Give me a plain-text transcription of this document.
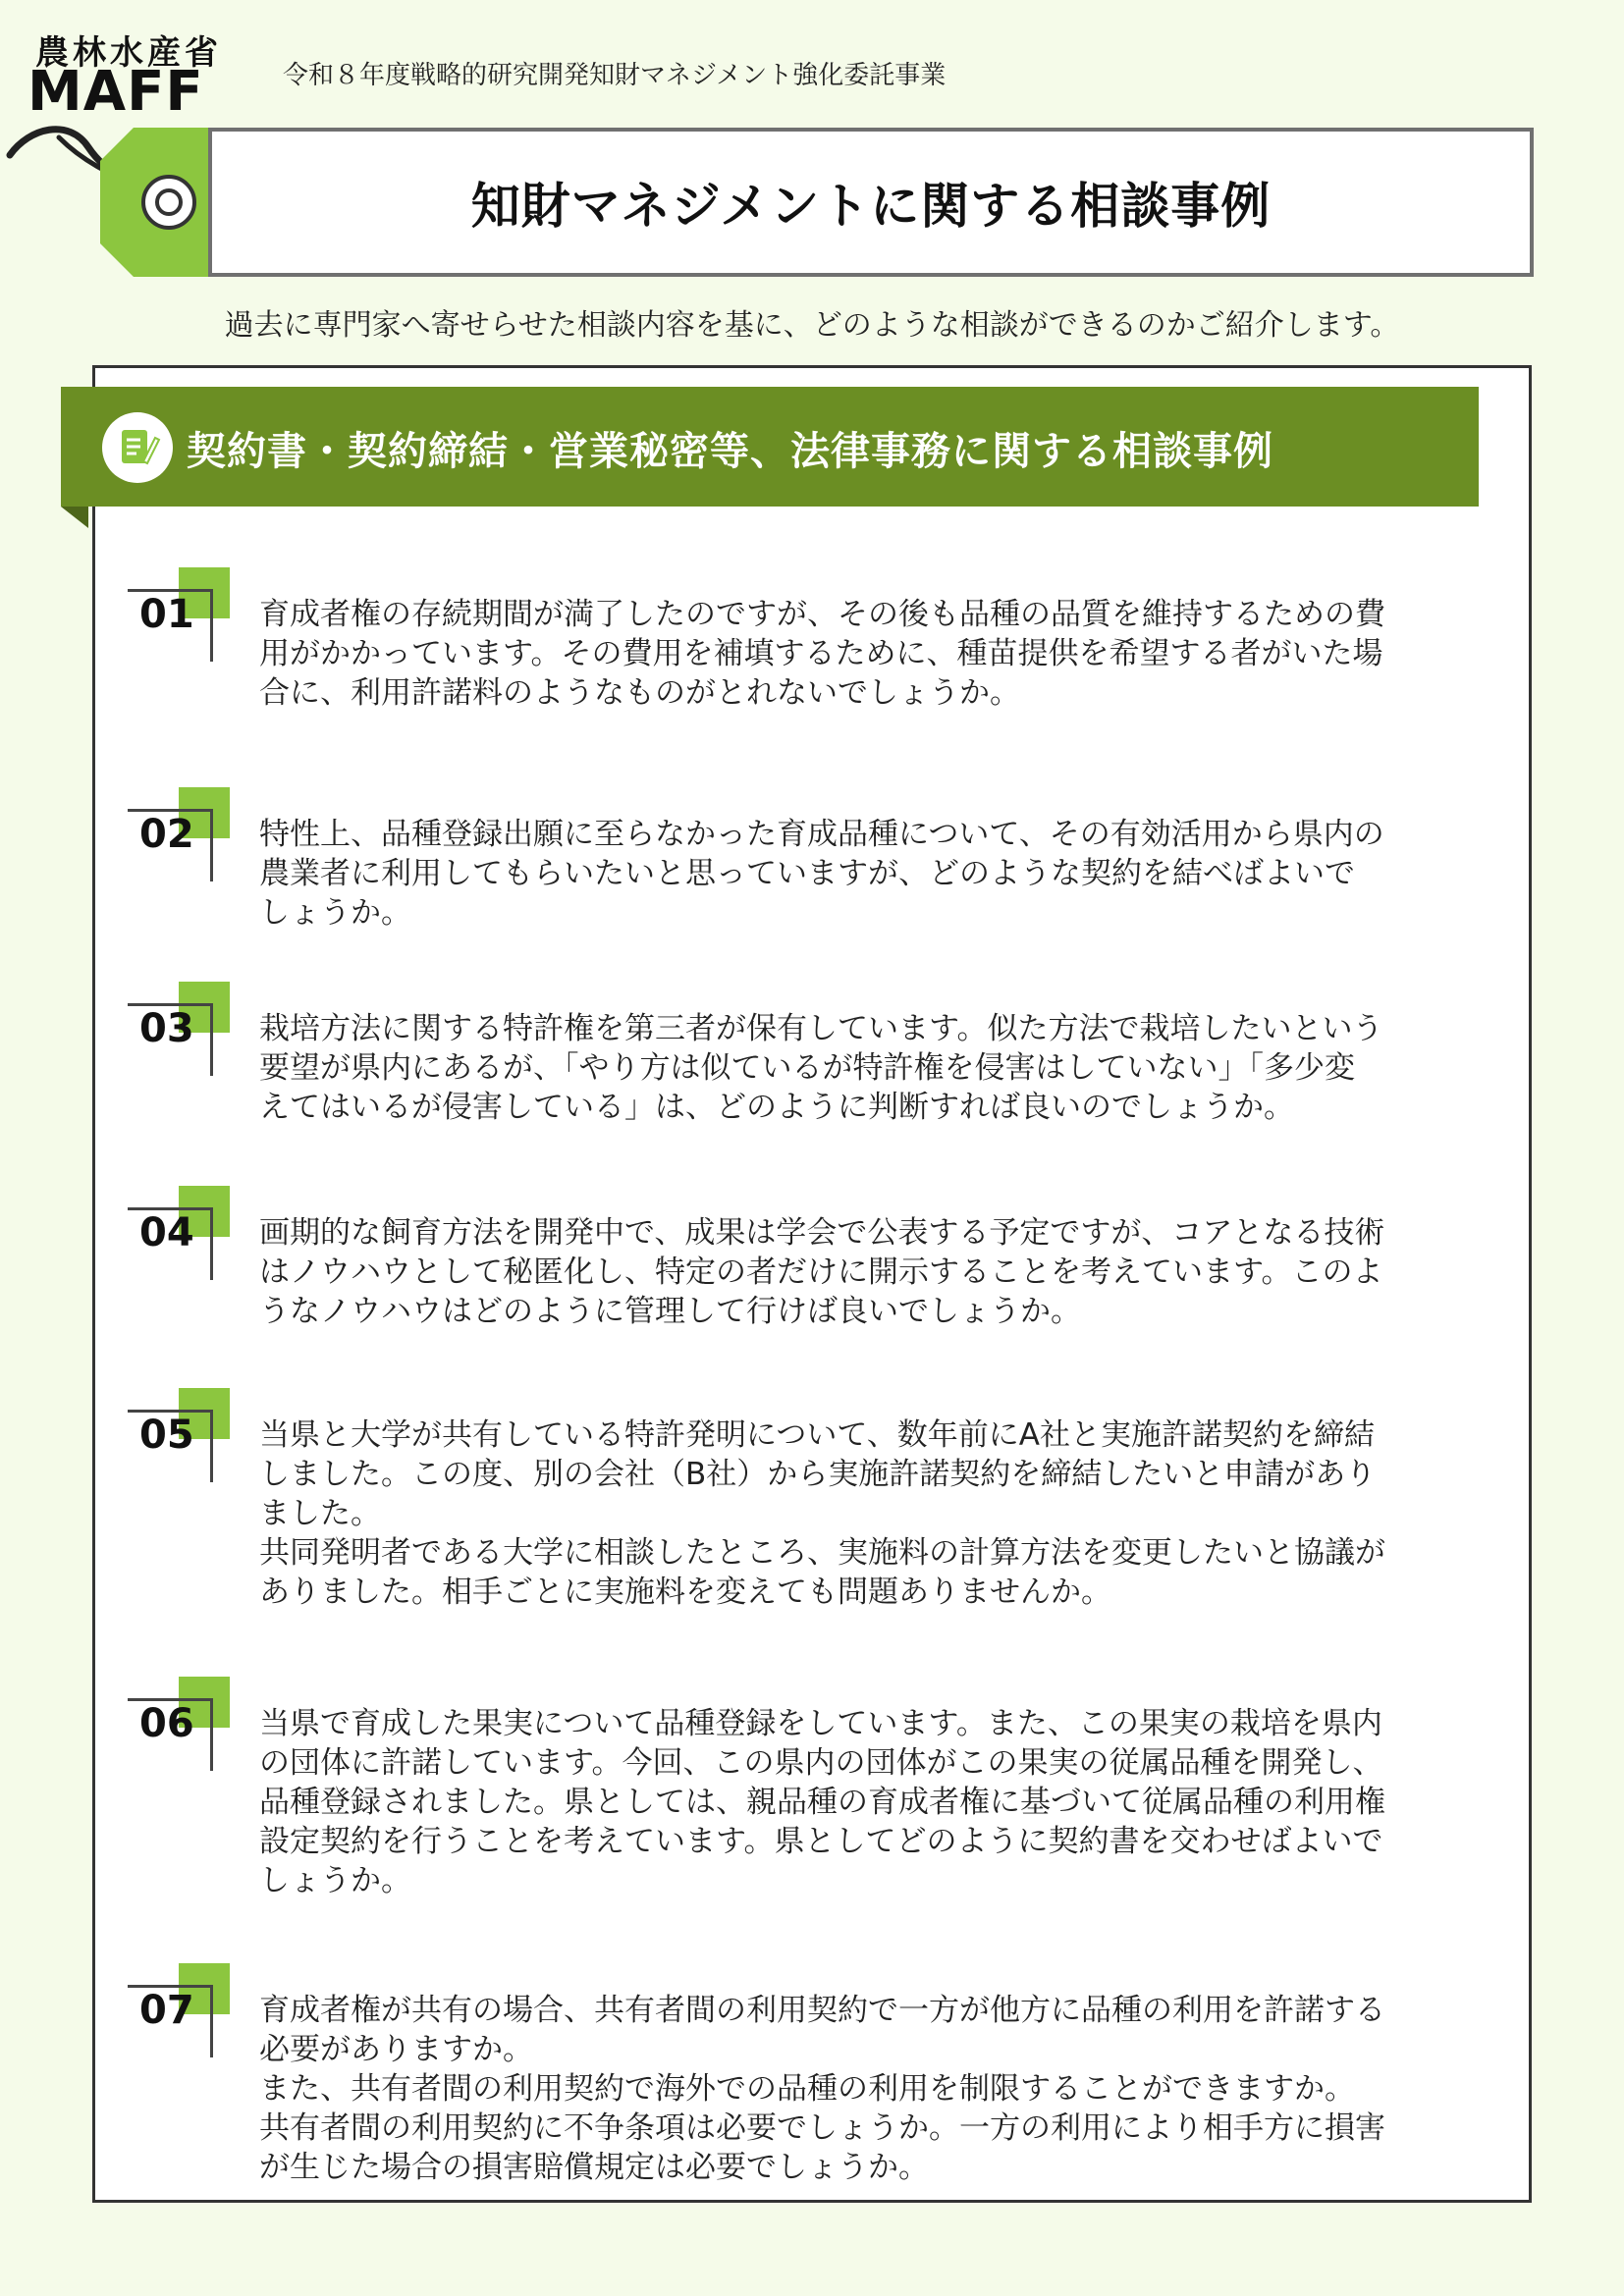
農林水産省
MAFF	令和８年度戦略的研究開発知財マネジメント強化委託事業
知財マネジメントに関する相談事例
過去に専門家へ寄せらせた相談内容を基に、どのような相談ができるのかご紹介します。
契約書・契約締結・営業秘密等、法律事務に関する相談事例
01 育成者権の存続期間が満了したのですが、その後も品種の品質を維持するための費

用がかかっています。その費用を補填するために、種苗提供を希望する者がいた場

合に、利用許諾料のようなものがとれないでしょうか。

02 特性上、品種登録出願に至らなかった育成品種について、その有効活用から県内の

農業者に利用してもらいたいと思っていますが、どのような契約を結べばよいで

しょうか。

03 栽培方法に関する特許権を第三者が保有しています。似た方法で栽培したいという

要望が県内にあるが、「やり方は似ているが特許権を侵害はしていない」「多少変

えてはいるが侵害している」は、どのように判断すれば良いのでしょうか。

04 画期的な飼育方法を開発中で、成果は学会で公表する予定ですが、コアとなる技術

はノウハウとして秘匿化し、特定の者だけに開示することを考えています。このよ

うなノウハウはどのように管理して行けば良いでしょうか。

05 当県と大学が共有している特許発明について、数年前にA社と実施許諾契約を締結

しました。この度、別の会社（B社）から実施許諾契約を締結したいと申請があり

ました。

共同発明者である大学に相談したところ、実施料の計算方法を変更したいと協議が

ありました。相手ごとに実施料を変えても問題ありませんか。

06 当県で育成した果実について品種登録をしています。また、この果実の栽培を県内

の団体に許諾しています。今回、この県内の団体がこの果実の従属品種を開発し、

品種登録されました。県としては、親品種の育成者権に基づいて従属品種の利用権

設定契約を行うことを考えています。県としてどのように契約書を交わせばよいで

しょうか。

07 育成者権が共有の場合、共有者間の利用契約で一方が他方に品種の利用を許諾する

必要がありますか。

また、共有者間の利用契約で海外での品種の利用を制限することができますか。

共有者間の利用契約に不争条項は必要でしょうか。一方の利用により相手方に損害

が生じた場合の損害賠償規定は必要でしょうか。
